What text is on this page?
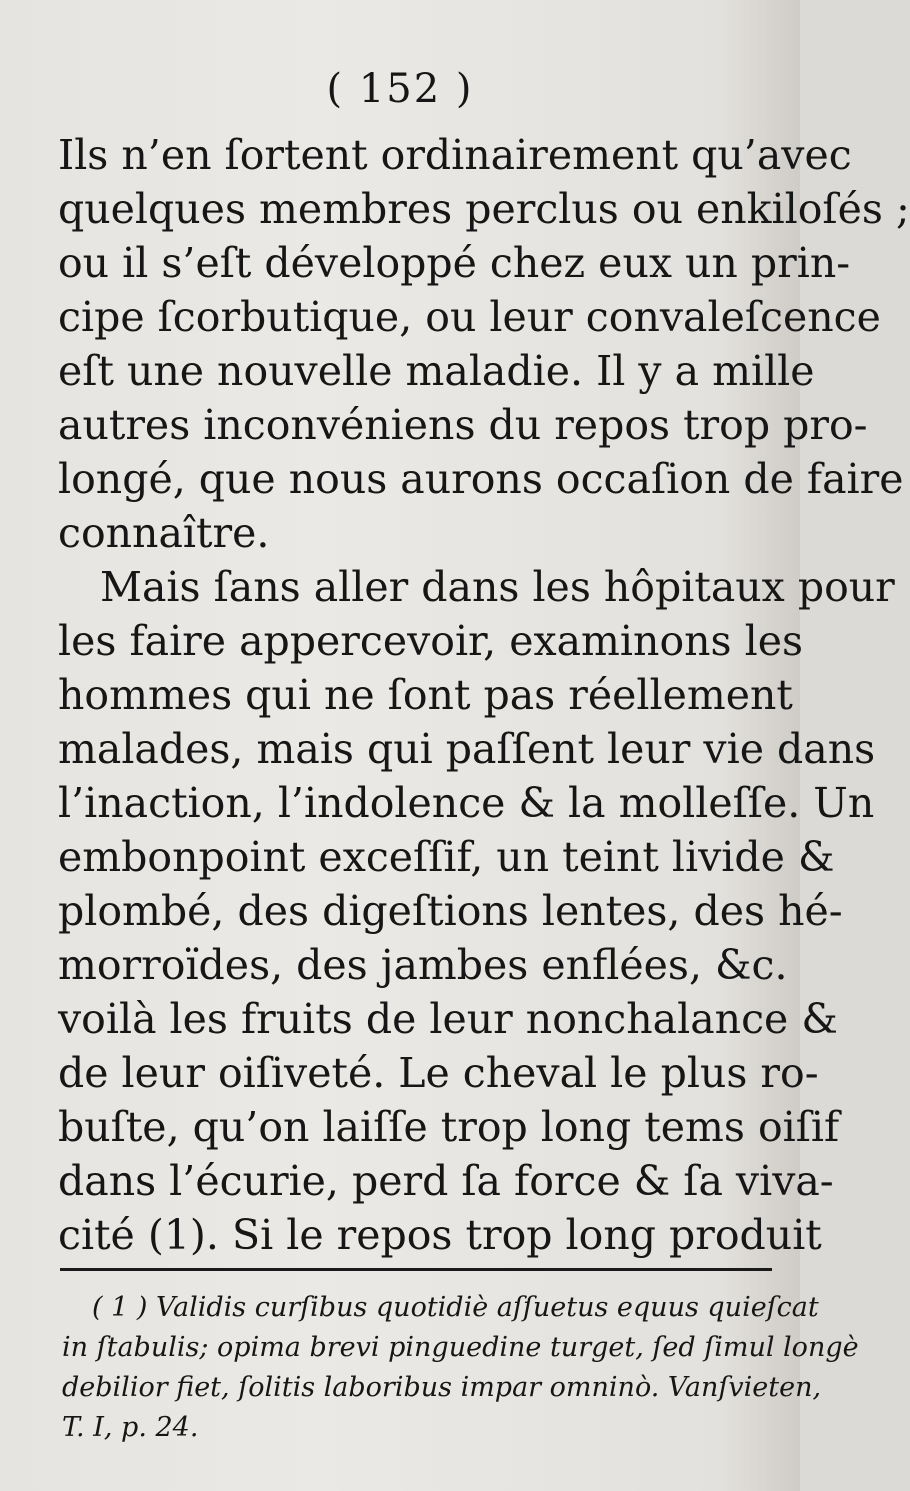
( 152 )
Ils n’en ſortent ordinairement qu’avec
quelques membres perclus ou enkiloſés ;
ou il s’eſt développé chez eux un prin-
cipe ſcorbutique, ou leur convaleſcence
eſt une nouvelle maladie. Il y a mille
autres inconvéniens du repos trop pro-
longé, que nous aurons occaſion de faire
connaître.
Mais ſans aller dans les hôpitaux pour
les faire appercevoir, examinons les
hommes qui ne ſont pas réellement
malades, mais qui paſſent leur vie dans
l’inaction, l’indolence & la molleſſe. Un
embonpoint exceſſif, un teint livide &
plombé, des digeſtions lentes, des hé-
morroïdes, des jambes enflées, &c.
voilà les fruits de leur nonchalance &
de leur oiſiveté. Le cheval le plus ro-
buſte, qu’on laiſſe trop long tems oiſif
dans l’écurie, perd ſa force & ſa viva-
cité (1). Si le repos trop long produit
( 1 ) Validis curſibus quotidiè aſſuetus equus quieſcat
in ſtabulis; opima brevi pinguedine turget, ſed ſimul longè
debilior fiet, ſolitis laboribus impar omninò. Vanſvieten,
T. I, p. 24.
